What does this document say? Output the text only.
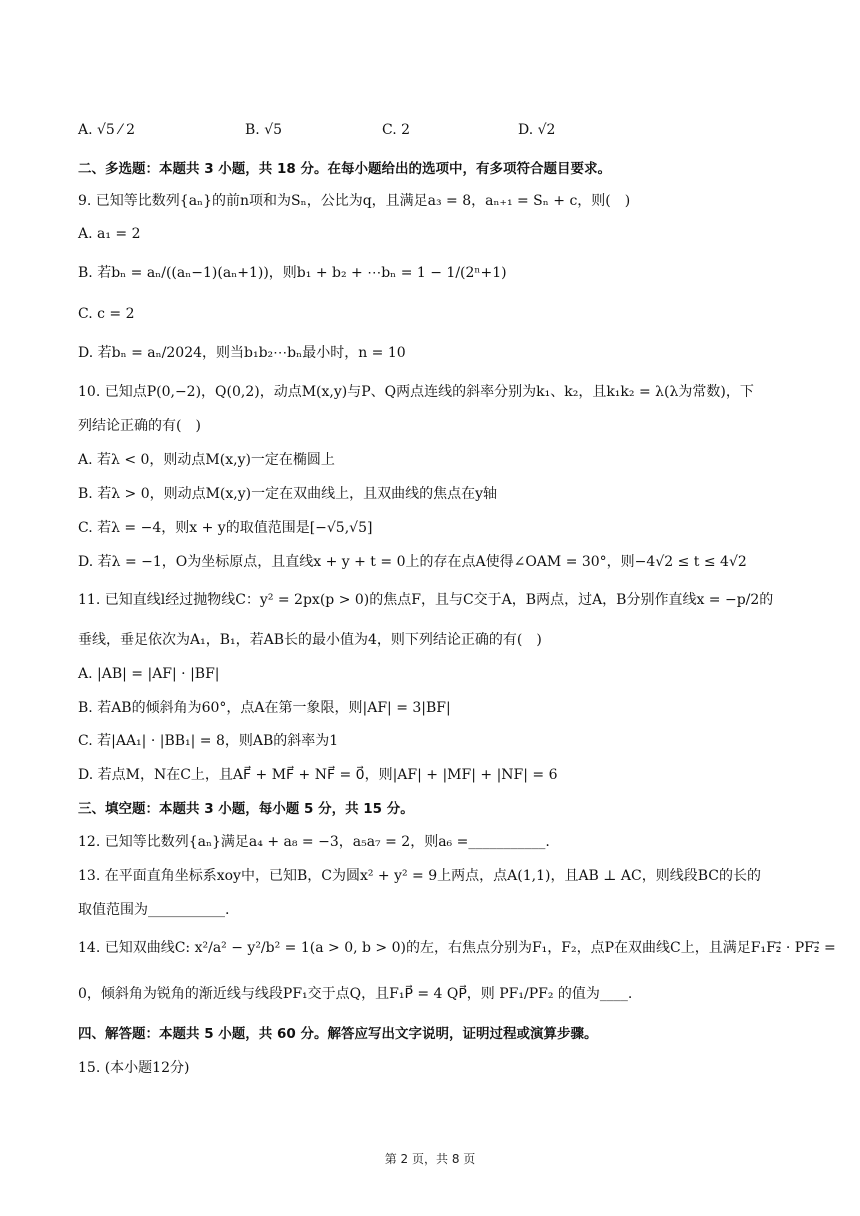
A. √5 ⁄ 2	B. √5	C. 2	D. √2
二、多选题：本题共 3 小题，共 18 分。在每小题给出的选项中，有多项符合题目要求。
9. 已知等比数列{aₙ}的前n项和为Sₙ，公比为q，且满足a₃ = 8，aₙ₊₁ = Sₙ + c，则(　)
A. a₁ = 2
B. 若bₙ = aₙ/((aₙ−1)(aₙ+1))，则b₁ + b₂ + ⋯bₙ = 1 − 1/(2ⁿ+1)
C. c = 2
D. 若bₙ = aₙ/2024，则当b₁b₂⋯bₙ最小时，n = 10
10. 已知点P(0,−2)，Q(0,2)，动点M(x,y)与P、Q两点连线的斜率分别为k₁、k₂，且k₁k₂ = λ(λ为常数)，下
列结论正确的有(　)
A. 若λ < 0，则动点M(x,y)一定在椭圆上
B. 若λ > 0，则动点M(x,y)一定在双曲线上，且双曲线的焦点在y轴
C. 若λ = −4，则x + y的取值范围是[−√5,√5]
D. 若λ = −1，O为坐标原点，且直线x + y + t = 0上的存在点A使得∠OAM = 30°，则−4√2 ≤ t ≤ 4√2
11. 已知直线l经过抛物线C：y² = 2px(p > 0)的焦点F，且与C交于A，B两点，过A，B分别作直线x = −p/2的
垂线，垂足依次为A₁，B₁，若AB长的最小值为4，则下列结论正确的有(　)
A. |AB| = |AF| · |BF|
B. 若AB的倾斜角为60°，点A在第一象限，则|AF| = 3|BF|
C. 若|AA₁| · |BB₁| = 8，则AB的斜率为1
D. 若点M，N在C上，且AF⃗ + MF⃗ + NF⃗ = 0⃗，则|AF| + |MF| + |NF| = 6
三、填空题：本题共 3 小题，每小题 5 分，共 15 分。
12. 已知等比数列{aₙ}满足a₄ + a₈ = −3，a₅a₇ = 2，则a₆ =___________.
13. 在平面直角坐标系xoy中，已知B，C为圆x² + y² = 9上两点，点A(1,1)，且AB ⊥ AC，则线段BC的长的
取值范围为___________.
14. 已知双曲线C: x²/a² − y²/b² = 1(a > 0, b > 0)的左，右焦点分别为F₁，F₂，点P在双曲线C上，且满足F₁F₂⃗ · PF₂⃗ =
0，倾斜角为锐角的渐近线与线段PF₁交于点Q，且F₁P⃗ = 4 QP⃗，则 PF₁/PF₂ 的值为____.
四、解答题：本题共 5 小题，共 60 分。解答应写出文字说明，证明过程或演算步骤。
15. (本小题12分)
第 2 页，共 8 页
